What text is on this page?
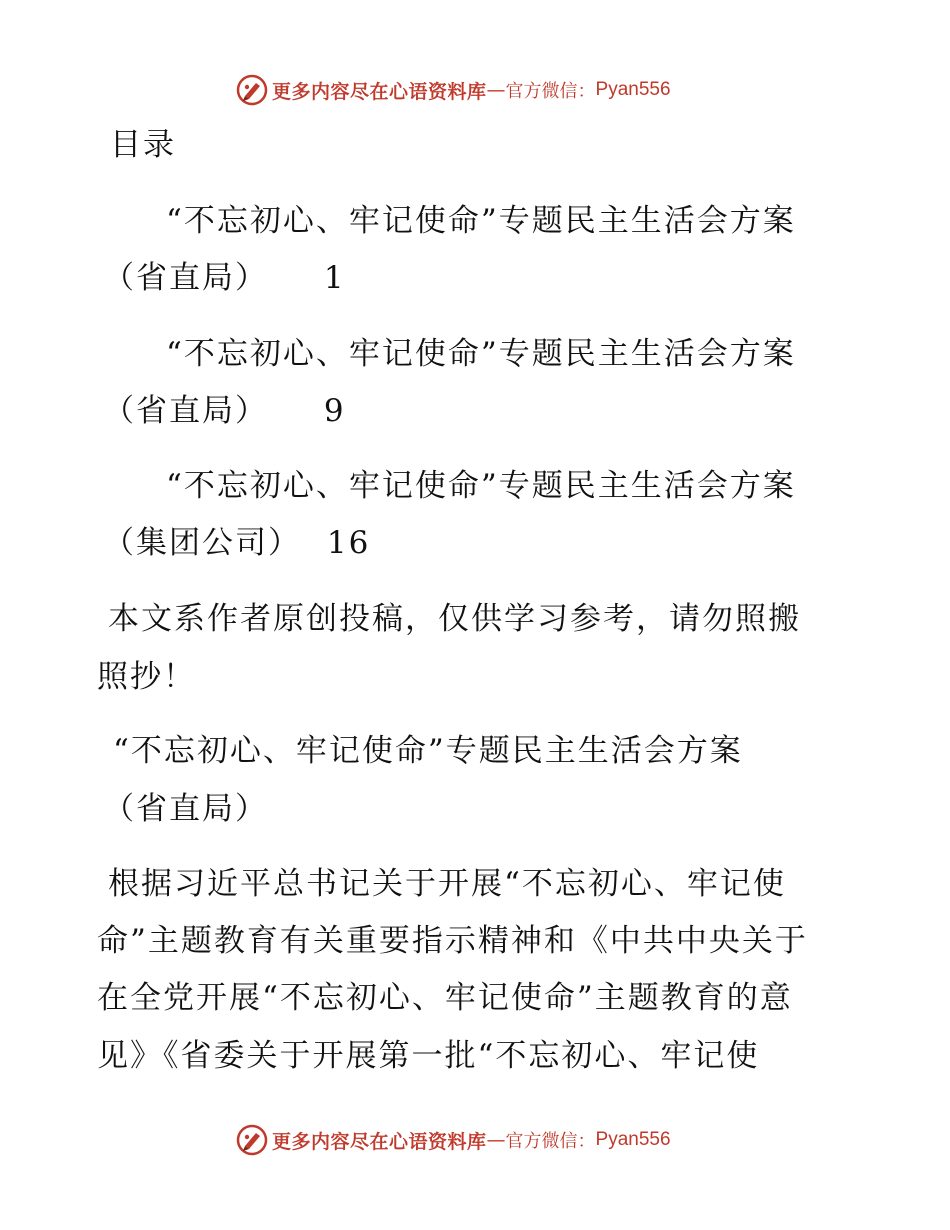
更多内容尽在心语资料库 — 官方微信： Pyan556
目录
“不忘初心、牢记使命”专题民主生活会方案
（省直局） 1
“不忘初心、牢记使命”专题民主生活会方案
（省直局） 9
“不忘初心、牢记使命”专题民主生活会方案
（集团公司） 16
本文系作者原创投稿，仅供学习参考，请勿照搬
照抄！
“不忘初心、牢记使命”专题民主生活会方案
（省直局）
根据习近平总书记关于开展“不忘初心、牢记使
命”主题教育有关重要指示精神和《中共中央关于
在全党开展“不忘初心、牢记使命”主题教育的意
见》《省委关于开展第一批“不忘初心、牢记使
更多内容尽在心语资料库 — 官方微信： Pyan556
